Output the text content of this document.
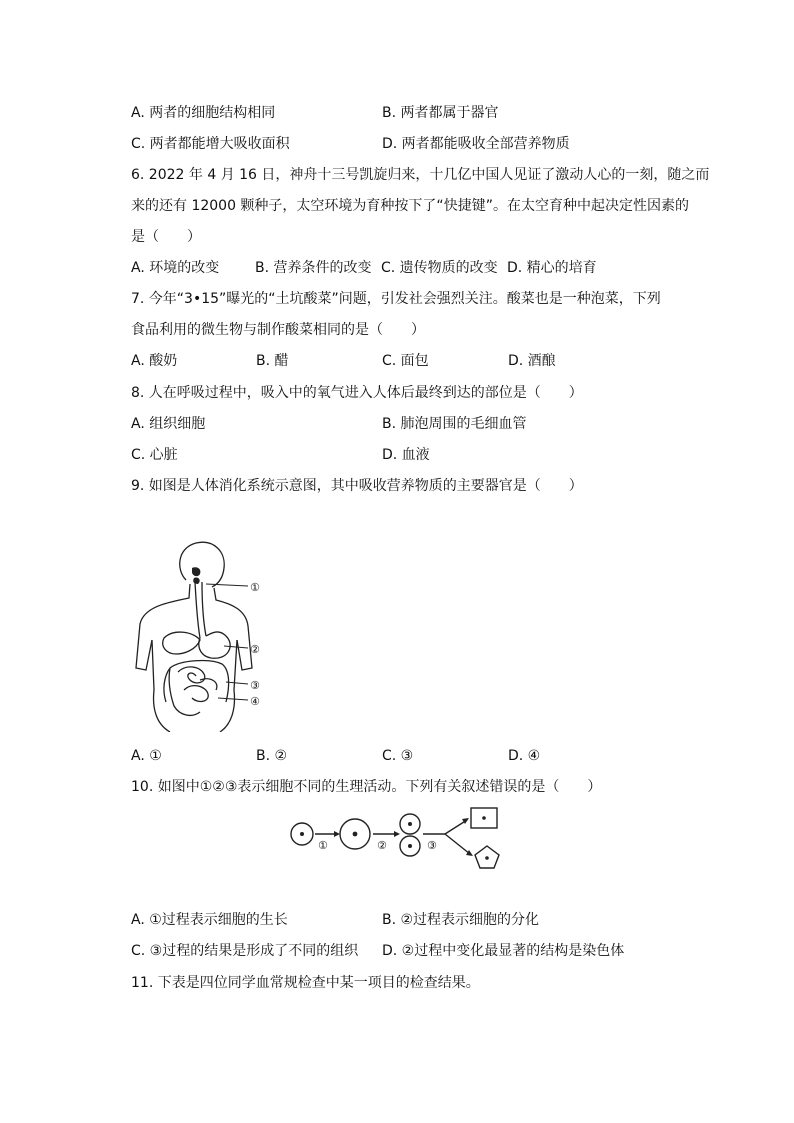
A. 两者的细胞结构相同	B. 两者都属于器官
C. 两者都能增大吸收面积	D. 两者都能吸收全部营养物质
6. 2022 年 4 月 16 日，神舟十三号凯旋归来，十几亿中国人见证了激动人心的一刻，随之而
来的还有 12000 颗种子，太空环境为育种按下了“快捷键”。在太空育种中起决定性因素的
是（　　）
A. 环境的改变	B. 营养条件的改变 C. 遗传物质的改变 D. 精心的培育
7. 今年“3•15”曝光的“土坑酸菜”问题，引发社会强烈关注。酸菜也是一种泡菜，下列
食品利用的微生物与制作酸菜相同的是（　　）
A. 酸奶	B. 醋	C. 面包	D. 酒酿
8. 人在呼吸过程中，吸入中的氧气进入人体后最终到达的部位是（　　）
A. 组织细胞	B. 肺泡周围的毛细血管
C. 心脏	D. 血液
9. 如图是人体消化系统示意图，其中吸收营养物质的主要器官是（　　）
①
②
③
④
A. ①	B. ②	C. ③	D. ④
10. 如图中①②③表示细胞不同的生理活动。下列有关叙述错误的是（　　）
①	②	③
A. ①过程表示细胞的生长	B. ②过程表示细胞的分化
C. ③过程的结果是形成了不同的组织 D. ②过程中变化最显著的结构是染色体
11. 下表是四位同学血常规检查中某一项目的检查结果。
